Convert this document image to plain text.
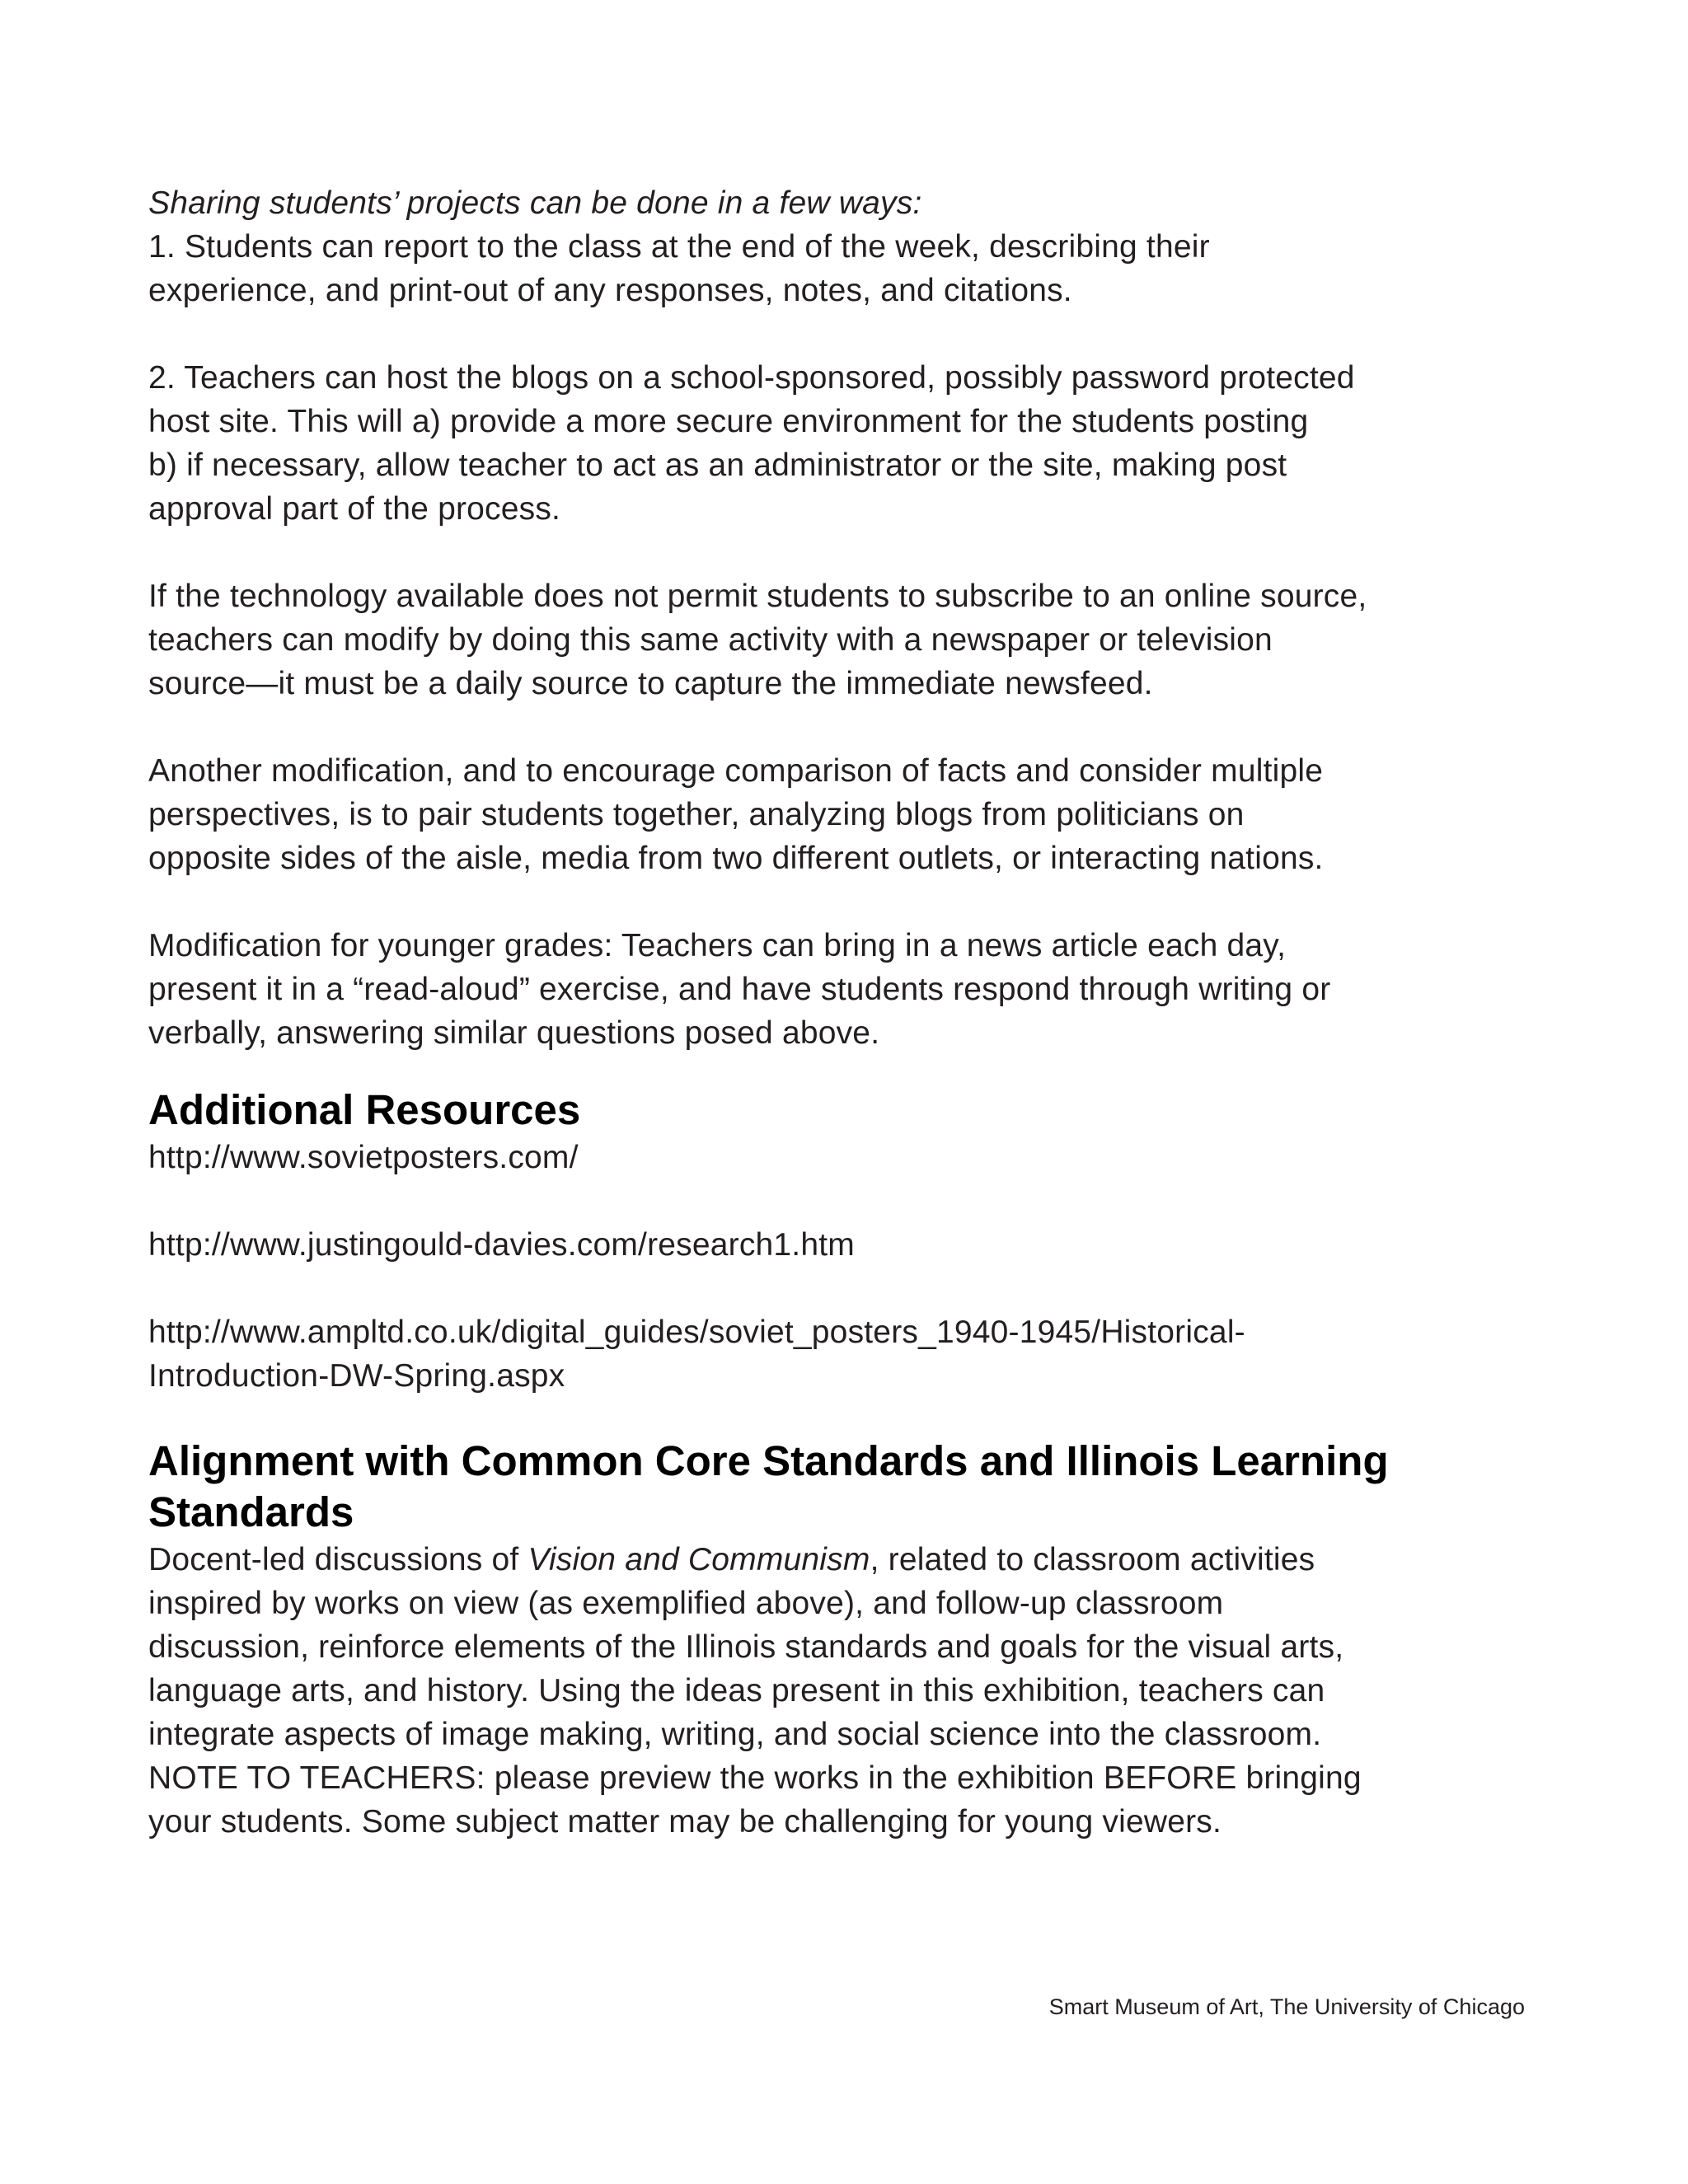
Sharing students’ projects can be done in a few ways:
1. Students can report to the class at the end of the week, describing their
experience, and print-out of any responses, notes, and citations.

2. Teachers can host the blogs on a school-sponsored, possibly password protected
host site. This will a) provide a more secure environment for the students posting
b) if necessary, allow teacher to act as an administrator or the site, making post
approval part of the process.

If the technology available does not permit students to subscribe to an online source,
teachers can modify by doing this same activity with a newspaper or television
source—it must be a daily source to capture the immediate newsfeed.

Another modification, and to encourage comparison of facts and consider multiple
perspectives, is to pair students together, analyzing blogs from politicians on
opposite sides of the aisle, media from two different outlets, or interacting nations.

Modification for younger grades: Teachers can bring in a news article each day,
present it in a “read-aloud” exercise, and have students respond through writing or
verbally, answering similar questions posed above.

Additional Resources

http://www.sovietposters.com/

http://www.justingould-davies.com/research1.htm

http://www.ampltd.co.uk/digital_guides/soviet_posters_1940-1945/Historical-
Introduction-DW-Spring.aspx

Alignment with Common Core Standards and Illinois Learning
Standards

Docent-led discussions of Vision and Communism, related to classroom activities
inspired by works on view (as exemplified above), and follow-up classroom
discussion, reinforce elements of the Illinois standards and goals for the visual arts,
language arts, and history. Using the ideas present in this exhibition, teachers can
integrate aspects of image making, writing, and social science into the classroom.
NOTE TO TEACHERS: please preview the works in the exhibition BEFORE bringing
your students. Some subject matter may be challenging for young viewers.

Smart Museum of Art, The University of Chicago
